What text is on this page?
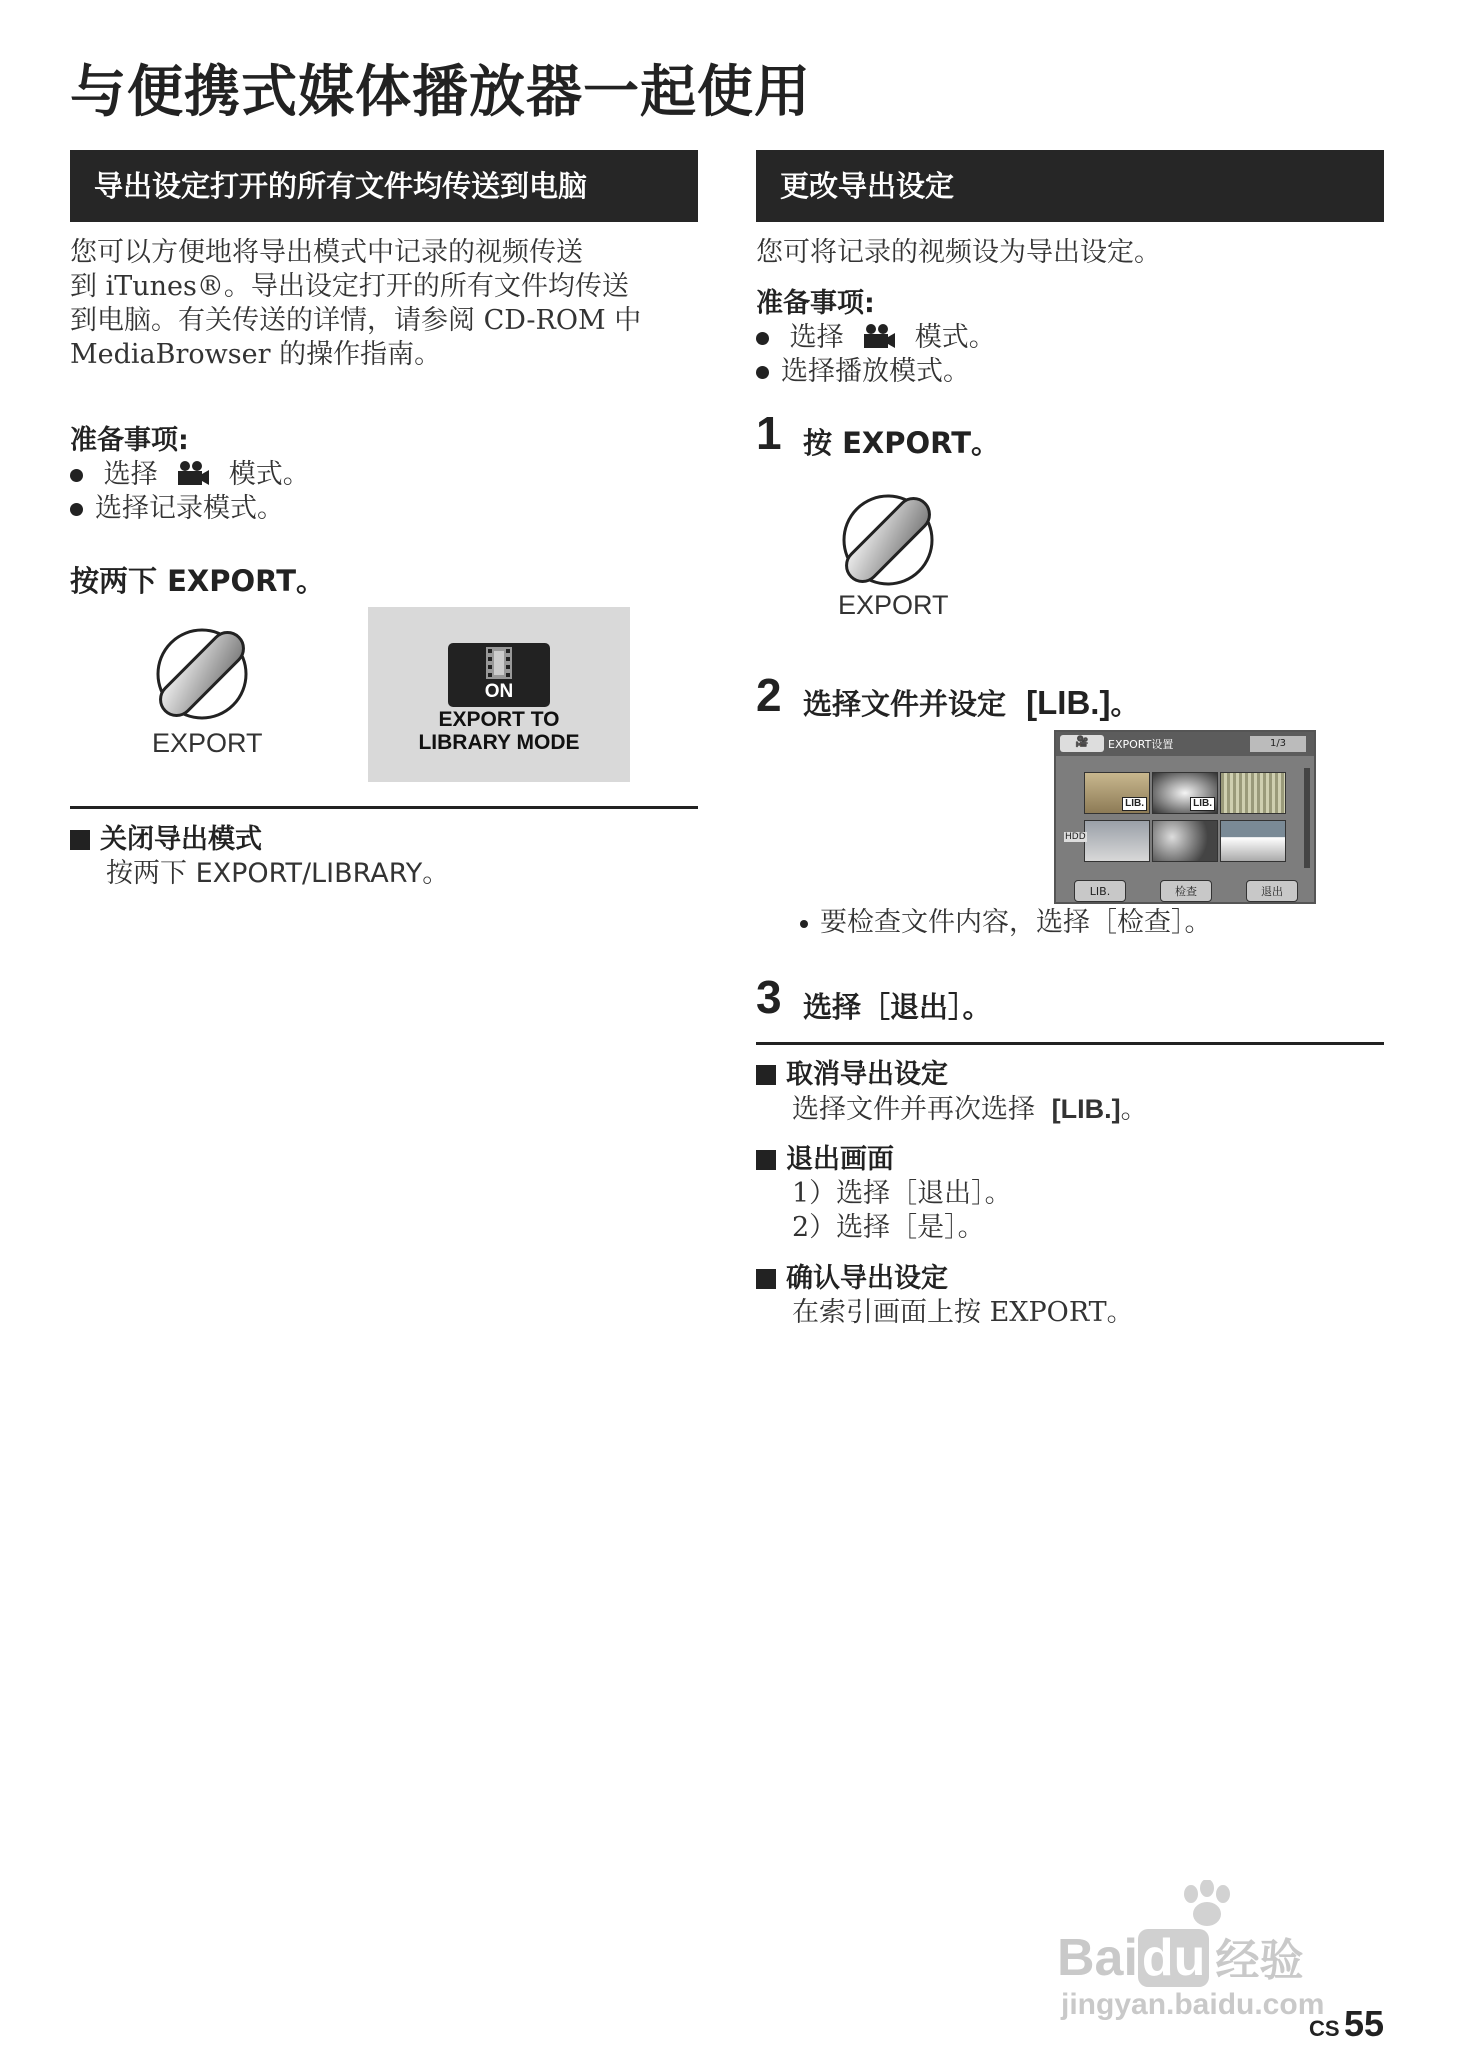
与便携式媒体播放器一起使用
导出设定打开的所有文件均传送到电脑
您可以方便地将导出模式中记录的视频传送
到 iTunes®。导出设定打开的所有文件均传送
到电脑。有关传送的详情，请参阅 CD-ROM 中
MediaBrowser 的操作指南。
准备事项:
选择	模式。
选择记录模式。
按两下 EXPORT。
EXPORT
ON
EXPORT TO
LIBRARY MODE
关闭导出模式
按两下 EXPORT/LIBRARY。
更改导出设定
您可将记录的视频设为导出设定。
准备事项:
选择	模式。
选择播放模式。
1 按 EXPORT。
EXPORT
2 选择文件并设定 [LIB.]。
🎥	EXPORT设置	1/3
LIB.	LIB.
HDD
LIB.	检查	退出
要检查文件内容，选择［检查］。
3 选择［退出］。
取消导出设定
选择文件并再次选择 [LIB.]。
退出画面
1）选择［退出］。
2）选择［是］。
确认导出设定
在索引画面上按 EXPORT。
Baidu 经验
jingyan.baidu.com
CS 55
